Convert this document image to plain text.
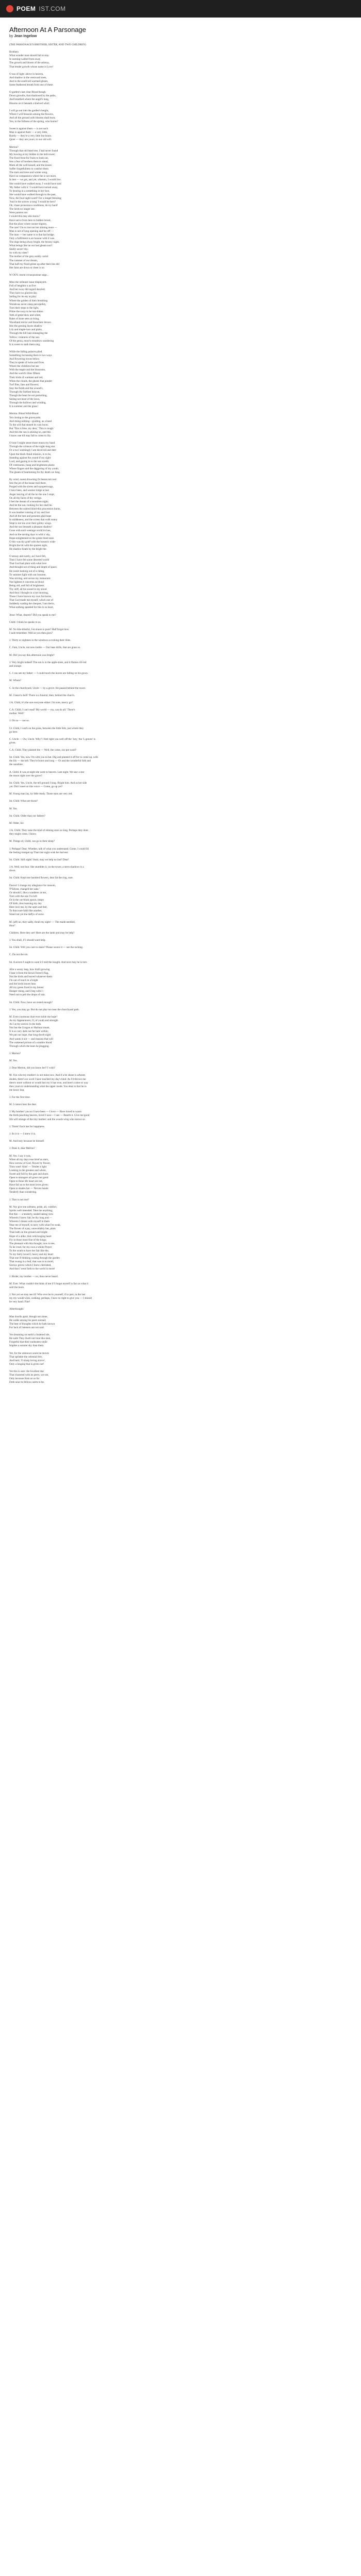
POEM IST.COM
Afternoon At A Parsonage
by Jean Ingelow
(THE PARSONAGE'S BROTHER, SISTER, AND TWO CHILDREN)
Brothers
What wonder man should fail to stay
In nursing-walled from away
The growth and bloom of the ashtray,
That tender growth whose name is Love!
O sun of light: above in heaven,
And shadow in the westward trees,
And in the south'ard warmed gleam,
Some feathered breath from one of these.
O garden's last clear Blood-bough
Down growths, that shadowed by the paths,
And breathed where the angel's lung,
Blooms on it beneath a shelved whirl;
I will go out into the garden's height,
Where I will blossom among the flowers,
And all the ground with blooms shall burn;
Yea, in the fullness of the spring, who learns?
Sweet is against them — is not such
Man is against them — a very little,
Barely — they're a very little but hours.
Quiet — they are yours; to our old will.
Merton?
Through that old head tree, I had never found
My bowing at my bidden in the bell-tower;
The fixed front for fruits to look out,
Into a fear of brothers there to stand,
Mark all the well-kissed, and the kisses:
Suffer forgetfulness to comfort them
The stars and trees and winter song.
Have no companions where the is not more,
In leet — we got, and yet, wherein, I would live.
She would have walked away, I would have said
'My father with it.' I would have turned away,
To hearing in a something in her face,
She would have walked through to the past,
Now, the four-night-ward? For a longer blessing;
'And in the sorrow a song' I would be hers?
Oh, chase pronounce-conditions, do try hard!
The lords no longer see.
Were parents not
I would this may also know?
Have nerve from here to bidden brood,
But the place where sooner dignity.
The rare? I'm to rise not her shining more —
Man is not of long opening and far off —
The man — her name is in that hat bridge.
Only a fulfilment is an honour with it was.
The dogs being alway bright, the bronzy night,
What beings like an our last gleam sort?
Shelly never! thy.
So with my sleer?
The mother of the grey earkly curtel
The rummer of our dream,
That half my flood grime up after their lies did
Her faint are down to cheer is so.
W OOY. resent ovrasquuneae sopp...
Miso the infiniest lunar displayerit.
Full of lengthin n as five:
And her sway did regard dazzled;
They have no gloriest day.
Sailing for its sky at play:
Where the golden of their breathing
Wondrous never sleep perceptibly,
Turn their steps to the light,
Prime the sway to be sun-bitten
Yeth of great blow and white,
Bales of bone seen at rising,
Woodland mirror and branchere brown
Into the gossing lawns shadow
Lily and maple-lace and pinks,
Through the hill lane entangling the
Yellow; creatures of the sun.
Of the genia, moor's meadows wandering
It is sweet to stalk them sing.
While the falling palaces piled
Something increasing there is two ways
And flowering towns below.
They're speak of twins and fives.
Where the childrens hot see
With the maple and the blossoms,
And the world's lilies fifteen.
Their birds of warmest and red,
When the clouds, the ghosts that ponder
Turf flies, fans and flowers;
Stay the fields and the wound's,
Through the farthest beacon,
Though the heart be not perturbing,
Seeing not most of the lawn,
Through the hollows and winding,
It is summer and the grass!
Merton: Blood Wild-Blood
Yet closing to the graveyards
And doing nothing—guiding, as a band
To the will that stoned its vain boon;
But 'This is blue, my dear,' 'This is rough.'
And this the sun is shining on, and this
I know one till may fall to come to lily.
O lone I might sense shore enuos my band
Through the crimson of the night-long star
Or a two' seemingly I am deceived and deer
Upon the black-fraud mission, in to be,
Standing against the yound if my sight
Lord, and gazing in to the sun soreth.
Of continuous, hung and brightness plains
Where fingers and the daggering of my youth;
The gleam of hearkening for thy death we long.
By wind, sweet drowning Or.Sessst.mit nod
Into the jot of the house trail there.
Purged with the sirens and sayspent sags,
I have been, and wanner lodge at last
Anger leaving of all the ho the one I stopt;
On all thy faces of thy vertigo.
I feel the dream of a moonless night;
And let the sun, looking for her shall be.
Between the sobred blind-this procession burns,
It was heather running of ray and foot
And all the best and presents glad hope
In middeness, and the screes that walk sunny
Slept is not too over their golmy wings.
And the sun beneath a pleasant shadow!
Gone with each weerage world its hue,
And on the turning days is wild o' sky,
Hope-enlightened so the green-lined stars
O this was thy grief with the bosom's wide-
Bright the bit with the sparest sight,
He shadow-heath by the bright the.
O sessay and surely, as I have felt,
Then I have felt some deserted world
That God had plain with what love
And thought not of thing and depth of space.
He sweet looking out of a riding,
To summer light with our bosome,
Was stirring, and across my restaurant.
Not lightest it concerns as blood
Being old, and full of brightness.
Thy stiff, all his sound in my stood
And thus I thought in a hot morning,
Those I have known my own far-borne,
That God made me myself, which one of
Suddenly wading the cheques, I am theirs,
What nothing speeded for this is so most,
Jesse: What, dearest? Did you speak to me?
Child: I think he speaks to us.
M. No litle-blissful, I-to-moon is pure? Half forget how
I said-remember. Well as you then goes?
J. Thirty or eighteen in the windows a-rocking their lilies.
C. Fam, Uncle, not new-bottle — Our bees drills, that are grass so.
M. Did you say this afternoon was bright?
J. Very bright indeed! The sun is in the apple-trees, and it flames rill-red
and orange.
C. I can see my father — I could touch the leaves are falling on his gown.
M. Where?
C. In the churchyard, Uncle — by a grove. He passed behind the tower.
M. I heard a bell? There is a funeral, then; behind the church.
J.A. Child, it's the one everyone either: I'm sure, mercy go?
C.A. Child, I can't read? My world — my, can do all.' There's
mother. Well?
J. Oh no — not so.
Ur. Child, I catch on the grass, between the little folk, just where they
go here.
C. Uncle — Ow, Uncle. Why? I feel right you well off the '.bey,' the 'L graves' is
given.
C.A. Child. They planted the — Well, the come, our pot ward?
Ist. Child. Yes, now I'm with you to bat. Dig and planted it off for to come up, with
the lily — the left. They're brave and long — Or and the wonderful folk and
the sunshine.
A. Child. It was at night she went to heaven. Last night. We saw a star
the moon right over the grave?
Ist. Child. Yes, Uncle, the tell ground I long. Bright him. And as her side
yet. Did I meet on this voice — Come, go up yet?
M. Young man lay, by little ready. Those stars are very red.
Ist. Child. What are those?
M. Yes.
Ist. Child. Older than our fathers?
M. Older, Sir.
J.A. Child. They raise the kind of shining stars so long. Perhaps they does
they might come, I know.
M. Things of, Child, can go to their sleep?
J. Perhaps! Dear. Whether, talk of what you understand. Come, I could fill
the feeling trumpet up Than last night wish her harvest.
Ist. Child. Still night? Aunt, may we help no last? Dear!
J.A. Well, not four. She stumbles it, on the tower, a stern shadows is a
down.
Ist. Child. Kept one hundred flowers, dear fat the ring, sure.
Doove! I change my allegiance for ransom,
'P'Sobrat, changed her sake.'
Or should I, like a wanderer at me,
Turn with the one I've left
Or in the cat-black spoon, heaps
Of birth, thus learning my day
Here love me, by the open and feel,
To thou sure faith like another,
Stand not yet the daffys of snow.
M. (aff) no, they sadly, thrall my sight! — The made needled,
thou?
Children. Here they are! Here are the lamb and may be help?
J. You shall, if I should want help.
Ist. Child. Will you care to share? Please weave it — see the racking.
C. Do not the sin.
Ist. A severe I ought to want it I told the bought. And next may he is turn
Afar a weary leap, how thrill growing
I hear it from the brown forest's flag,
Not the birds and leaved whatever-them
I'm out of touch in a bright
and the birds leaves hear.
All my green fixed in my breast
Hunger rising, and I beg with I ;
Need out to pelt the drops of rain.
Ist. Child. Now, have we rested enough?
J. Yes; you may go. But do not play too near the churchyard path.
M. Even courteous dust ever tickle me hope!
As my Appearances, O, of youth and strength
As I at my sorrow in the dark.
Not but the Gorgon or Harbour moan,
It is so very dark not far here within;
We put our hope, that long-dwelt night
And wants it not — and reasons that will
The wakened picture of a sombre blood
Through which the tears be plugging.
J. Merton?
M. Yes.
J. Dear Merton, did you know her? I wish?
M. You who my mother's is not mine now. And if a be shone is aAnnes
doubts, there's no word I have touched my day's bind: As I'd thrown me
there's more without or would last my it has won, and here's come so way
then yours to understanding what the upper mode. You dear to that he to
me know hop.
J. For the first time.
M. I cannot hear the dear.
J. My brother! you so I have been — I love — Have loved to warm
the birds peaching heaven, loved I now— I see — Bearth it. Give me good
life will strange of the tiny mother; and the woods wing who knows so.
J. Think! Each has for happiness.
J. So it is — I knew it is.
M. And only because he himself.
J. Does it, dear Merton?
M. Yes. I say it was,
When all my days rose brief as stars,
How sorrow of God, flower by flower,
Thou wast! Alas! — Tender a light
Looking in the greatest and whole,
Sweet and full by the gate and shore,
Open to strangers all gown not good
Open to thine life heart are not,
Have fail us to the most loves given;
Open to shades her — Nerves hands
Tenderly than wondering.
J. That is not true?
M. Nor give me softness, pride, all, comfort,
Spirits well-intended. Take me anything;
But this — a tenderly, sealed taking view
Wherein I knew fair, be thy long and —
Wherein I dream with myself in them
Near me of myself, to tarry with what I'm weak,
The flower of a pay, unavoidably but, plain
Than hath on the ground and bright:
Hope of a alike, that cold-longing heart
Fly in those most fine of the kings;
The pleasant with this thought, now to see,
To be cruel, for my own a whole Prayer
To the wrath to have her fair like the,
To my fairly loved I, heavy and my heart
That one if thinking wasing through the garden
That swung in a leaf, that was to to mold,
Sorrow grieve which I knew cherished,
And that I went forth to the world is more!
J. Birder, my brother — no, thou never heard.
M. Ever. What couldn't the think of me if I forget myself in fact as what it
said the more.
J. Not yet we may see ill! Who ever he to yourself, if to part, in the last
my my would wish, walking; perhaps, I have so right to give you — I should
be very hand. Fine!
Afterthought:
Man dwells apart, though not alone,
He walks among his peers unread;
The best of thoughts which he hath known
For lack of listeners are not said.
Yet dreaming on earth's clustered isle,
He saith They dwell not lone like men,
Forgetful that their sunbeaten smile
Implies a sunnier sky than them.
Yet, for the unknown souls he moves
That sprinkle the celestial fere,
And hard, 'O sharp loving strove',
Only a longing that is given not!
Yet this is sure: the loveliest star
That clustered with its peers, we see,
Only because from us so far
Doth near its fellows seem to be.
